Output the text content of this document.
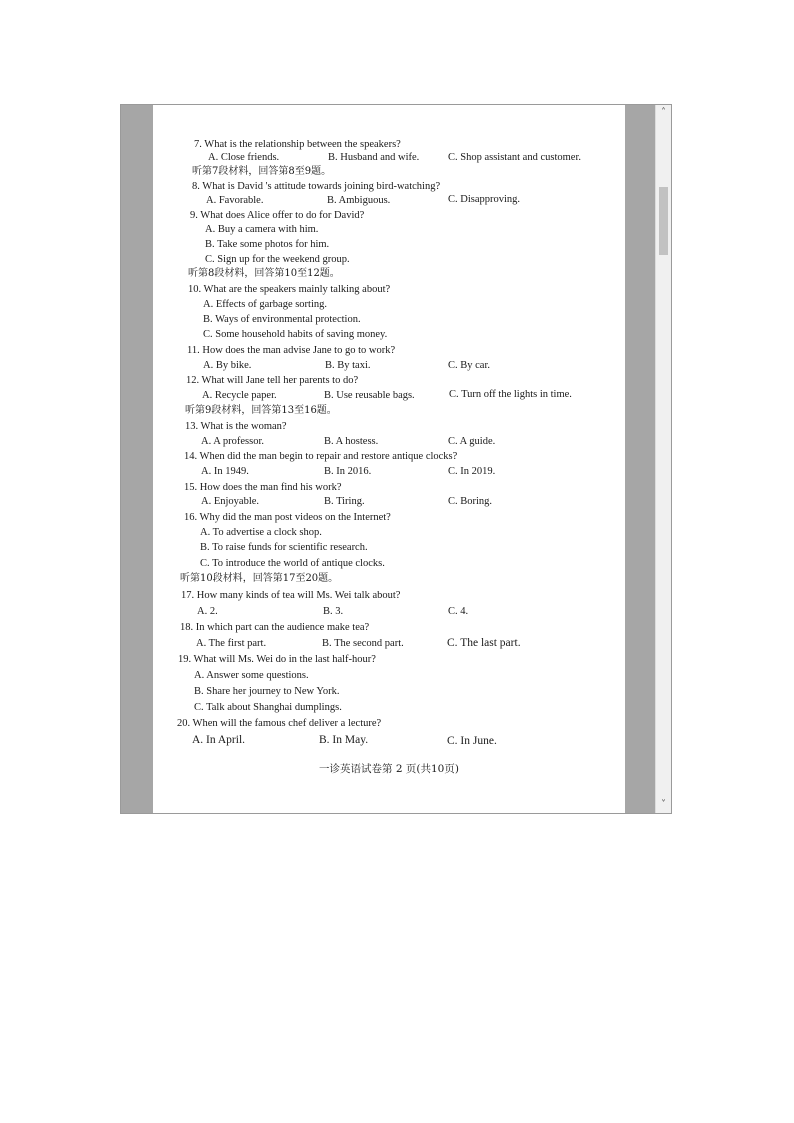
7. What is the relationship between the speakers?
A. Close friends.	B. Husband and wife.	C. Shop assistant and customer.
听第7段材料，回答第8至9题。
8. What is David 's attitude towards joining bird-watching?
A. Favorable.	B. Ambiguous.	C. Disapproving.
9. What does Alice offer to do for David?
A. Buy a camera with him.
B. Take some photos for him.
C. Sign up for the weekend group.
听第8段材料，回答第10至12题。
10. What are the speakers mainly talking about?
A. Effects of garbage sorting.
B. Ways of environmental protection.
C. Some household habits of saving money.
11. How does the man advise Jane to go to work?
A. By bike.	B. By taxi.	C. By car.
12. What will Jane tell her parents to do?
A. Recycle paper.	B. Use reusable bags.	C. Turn off the lights in time.
听第9段材料，回答第13至16题。
13. What is the woman?
A. A professor.	B. A hostess.	C. A guide.
14. When did the man begin to repair and restore antique clocks?
A. In 1949.	B. In 2016.	C. In 2019.
15. How does the man find his work?
A. Enjoyable.	B. Tiring.	C. Boring.
16. Why did the man post videos on the Internet?
A. To advertise a clock shop.
B. To raise funds for scientific research.
C. To introduce the world of antique clocks.
听第10段材料，回答第17至20题。
17. How many kinds of tea will Ms. Wei talk about?
A. 2.	B. 3.	C. 4.
18. In which part can the audience make tea?
A. The first part.	B. The second part.	C. The last part.
19. What will Ms. Wei do in the last half-hour?
A. Answer some questions.
B. Share her journey to New York.
C. Talk about Shanghai dumplings.
20. When will the famous chef deliver a lecture?
A. In April.	B. In May.	C. In June.
一诊英语试卷第 2 页(共10页)
˄
˅
